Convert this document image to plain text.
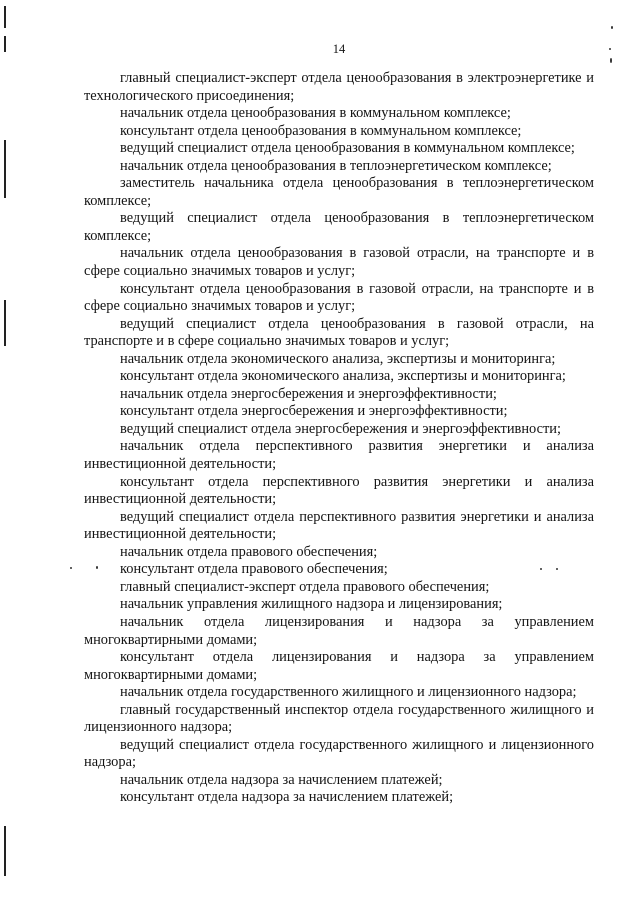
14

главный специалист-эксперт отдела ценообразования в электроэнергетике и технологического присоединения;

начальник отдела ценообразования в коммунальном комплексе;

консультант отдела ценообразования в коммунальном комплексе;

ведущий специалист отдела ценообразования в коммунальном комплексе;

начальник отдела ценообразования в теплоэнергетическом комплексе;

заместитель начальника отдела ценообразования в теплоэнергетическом комплексе;

ведущий специалист отдела ценообразования в теплоэнергетическом комплексе;

начальник отдела ценообразования в газовой отрасли, на транспорте и в сфере социально значимых товаров и услуг;

консультант отдела ценообразования в газовой отрасли, на транспорте и в сфере социально значимых товаров и услуг;

ведущий специалист отдела ценообразования в газовой отрасли, на транспорте и в сфере социально значимых товаров и услуг;

начальник отдела экономического анализа, экспертизы и мониторинга;

консультант отдела экономического анализа, экспертизы и мониторинга;

начальник отдела энергосбережения и энергоэффективности;

консультант отдела энергосбережения и энергоэффективности;

ведущий специалист отдела энергосбережения и энергоэффективности;

начальник отдела перспективного развития энергетики и анализа инвестиционной деятельности;

консультант отдела перспективного развития энергетики и анализа инвестиционной деятельности;

ведущий специалист отдела перспективного развития энергетики и анализа инвестиционной деятельности;

начальник отдела правового обеспечения;

консультант отдела правового обеспечения;

главный специалист-эксперт отдела правового обеспечения;

начальник управления жилищного надзора и лицензирования;

начальник отдела лицензирования и надзора за управлением многоквартирными домами;

консультант отдела лицензирования и надзора за управлением многоквартирными домами;

начальник отдела государственного жилищного и лицензионного надзора;

главный государственный инспектор отдела государственного жилищного и лицензионного надзора;

ведущий специалист отдела государственного жилищного и лицензионного надзора;

начальник отдела надзора за начислением платежей;

консультант отдела надзора за начислением платежей;
